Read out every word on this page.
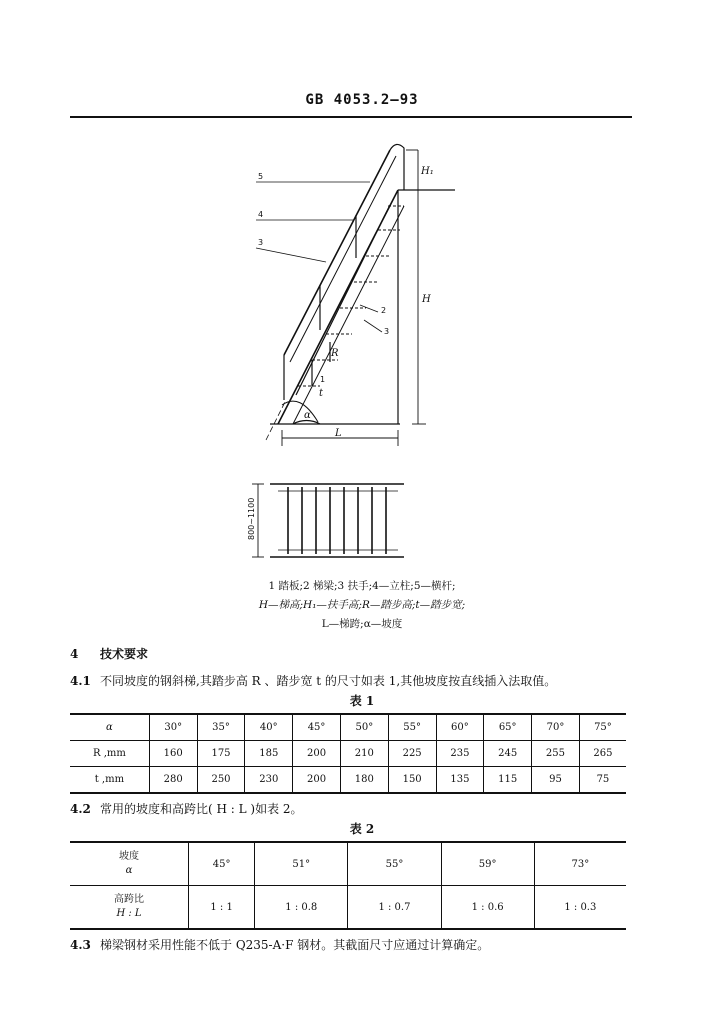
GB 4053.2—93
5
4
3
2
3
1
H₁
H
R
t
α
L
800~1100
1 踏板;2 梯梁;3 扶手;4—立柱;5—横杆;
H—梯高;H₁—扶手高;R—踏步高;t—踏步宽;
L—梯跨;α—坡度
4 技术要求
4.1 不同坡度的钢斜梯,其踏步高 R 、踏步宽 t 的尺寸如表 1,其他坡度按直线插入法取值。
表 1
α	30°	35°	40°	45°	50°	55°	60°	65°	70°	75°
R ,mm	160	175	185	200	210	225	235	245	255	265
t ,mm	280	250	230	200	180	150	135	115	95	75
4.2 常用的坡度和高跨比( H : L )如表 2。
表 2
坡度
α	45°	51°	55°	59°	73°

高跨比
H : L	1 : 1	1 : 0.8	1 : 0.7	1 : 0.6	1 : 0.3
4.3 梯梁钢材采用性能不低于 Q235-A·F 钢材。其截面尺寸应通过计算确定。
